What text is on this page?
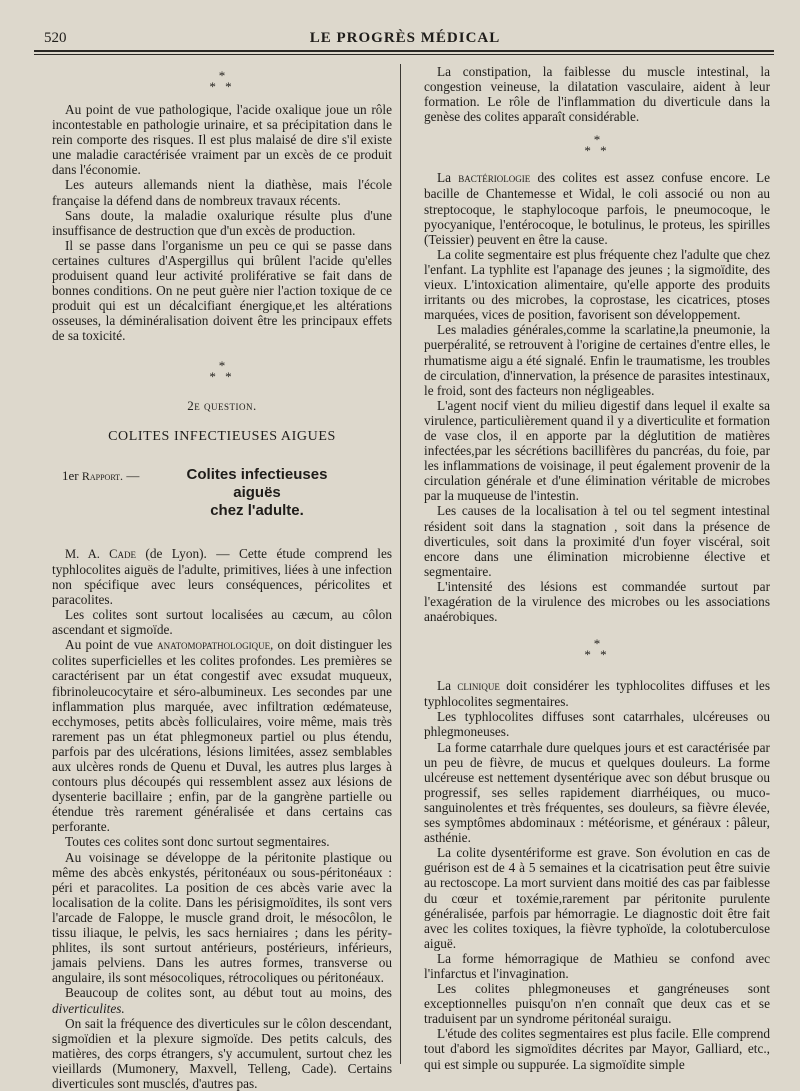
520	LE PROGRÈS MÉDICAL
*
* *

Au point de vue pathologique, l'acide oxalique joue un rôle incontestable en pathologie urinaire, et sa précipitation dans le rein comporte des risques. Il est plus malaisé de dire s'il existe une maladie caractérisée vraiment par un excès de ce produit dans l'économie.

Les auteurs allemands nient la diathèse, mais l'école française la défend dans de nombreux travaux récents.

Sans doute, la maladie oxalurique résulte plus d'une insuffisance de destruction que d'un excès de production.

Il se passe dans l'organisme un peu ce qui se passe dans certaines cultures d'Aspergillus qui brûlent l'acide qu'elles produisent quand leur activité proliférative se fait dans de bonnes conditions. On ne peut guère nier l'action toxique de ce produit qui est un décalcifiant énergique,et les altérations osseuses, la déminéralisation doivent être les principaux effets de sa toxicité.

*
* *
2e question.
COLITES INFECTIEUSES AIGUES
1er Rapport. —	Colites infectieuses aiguës
chez l'adulte.

M. A. Cade (de Lyon). — Cette étude comprend les typhlocolites aiguës de l'adulte, primitives, liées à une infection non spécifique avec leurs conséquences, péricolites et paracolites.

Les colites sont surtout localisées au cæcum, au côlon ascendant et sigmoïde.

Au point de vue anatomopathologique, on doit distinguer les colites superficielles et les colites profondes. Les premières se caractérisent par un état congestif avec exsudat muqueux, fibrinoleucocytaire et séro-albumineux. Les secondes par une inflammation plus marquée, avec infiltration œdémateuse, ecchymoses, petits abcès folliculaires, voire même, mais très rarement pas un état phlegmoneux partiel ou plus étendu, parfois par des ulcérations, lésions limitées, assez semblables aux ulcères ronds de Quenu et Duval, les autres plus larges à contours plus découpés qui ressemblent assez aux lésions de dysenterie bacillaire ; enfin, par de la gangrène partielle ou étendue très rarement généralisée et dans certains cas perforante.

Toutes ces colites sont donc surtout segmentaires.

Au voisinage se développe de la péritonite plastique ou même des abcès enkystés, péritonéaux ou sous-péritonéaux : péri et paracolites. La position de ces abcès varie avec la localisation de la colite. Dans les périsigmoïdites, ils sont vers l'arcade de Faloppe, le muscle grand droit, le mésocôlon, le tissu iliaque, le pelvis, les sacs herniaires ; dans les périty-phlites, ils sont surtout antérieurs, postérieurs, inférieurs, jamais pelviens. Dans les autres formes, transverse ou angulaire, ils sont mésocoliques, rétrocoliques ou péritonéaux.

Beaucoup de colites sont, au début tout au moins, des diverticulites.

On sait la fréquence des diverticules sur le côlon descendant, sigmoïdien et la plexure sigmoïde. Des petits calculs, des matières, des corps étrangers, s'y accumulent, surtout chez les vieillards (Mumonery, Maxvell, Telleng, Cade). Certains diverticules sont musclés, d'autres pas.

La constipation, la faiblesse du muscle intestinal, la congestion veineuse, la dilatation vasculaire, aident à leur formation. Le rôle de l'inflammation du diverticule dans la genèse des colites apparaît considérable.

*
* *

La bactériologie des colites est assez confuse encore. Le bacille de Chantemesse et Widal, le coli associé ou non au streptocoque, le staphylocoque parfois, le pneumocoque, le pyocyanique, l'entérocoque, le botulinus, le proteus, les spirilles (Teissier) peuvent en être la cause.

La colite segmentaire est plus fréquente chez l'adulte que chez l'enfant. La typhlite est l'apanage des jeunes ; la sigmoïdite, des vieux. L'intoxication alimentaire, qu'elle apporte des produits irritants ou des microbes, la coprostase, les cicatrices, ptoses marquées, vices de position, favorisent son développement.

Les maladies générales,comme la scarlatine,la pneumonie, la puerpéralité, se retrouvent à l'origine de certaines d'entre elles, le rhumatisme aigu a été signalé. Enfin le traumatisme, les troubles de circulation, d'innervation, la présence de parasites intestinaux, le froid, sont des facteurs non négligeables.

L'agent nocif vient du milieu digestif dans lequel il exalte sa virulence, particulièrement quand il y a diverticulite et formation de vase clos, il en apporte par la déglutition de matières infectées,par les sécrétions bacillifères du pancréas, du foie, par les inflammations de voisinage, il peut également provenir de la circulation générale et d'une élimination véritable de microbes par la muqueuse de l'intestin.

Les causes de la localisation à tel ou tel segment intestinal résident soit dans la stagnation , soit dans la présence de diverticules, soit dans la proximité d'un foyer viscéral, soit encore dans une élimination microbienne élective et segmentaire.

L'intensité des lésions est commandée surtout par l'exagération de la virulence des microbes ou les associations anaérobiques.

*
* *

La clinique doit considérer les typhlocolites diffuses et les typhlocolites segmentaires.

Les typhlocolites diffuses sont catarrhales, ulcéreuses ou phlegmoneuses.

La forme catarrhale dure quelques jours et est caractérisée par un peu de fièvre, de mucus et quelques douleurs. La forme ulcéreuse est nettement dysentérique avec son début brusque ou progressif, ses selles rapidement diarrhéiques, ou muco-sanguinolentes et très fréquentes, ses douleurs, sa fièvre élevée, ses symptômes abdominaux : météorisme, et généraux : pâleur, asthénie.

La colite dysentériforme est grave. Son évolution en cas de guérison est de 4 à 5 semaines et la cicatrisation peut être suivie au rectoscope. La mort survient dans moitié des cas par faiblesse du cœur et toxémie,rarement par péritonite purulente généralisée, parfois par hémorragie. Le diagnostic doit être fait avec les colites toxiques, la fièvre typhoïde, la colotuberculose aiguë.

La forme hémorragique de Mathieu se confond avec l'infarctus et l'invagination.

Les colites phlegmoneuses et gangréneuses sont exceptionnelles puisqu'on n'en connaît que deux cas et se traduisent par un syndrome péritonéal suraigu.

L'étude des colites segmentaires est plus facile. Elle comprend tout d'abord les sigmoïdites décrites par Mayor, Galliard, etc., qui est simple ou suppurée. La sigmoïdite simple
